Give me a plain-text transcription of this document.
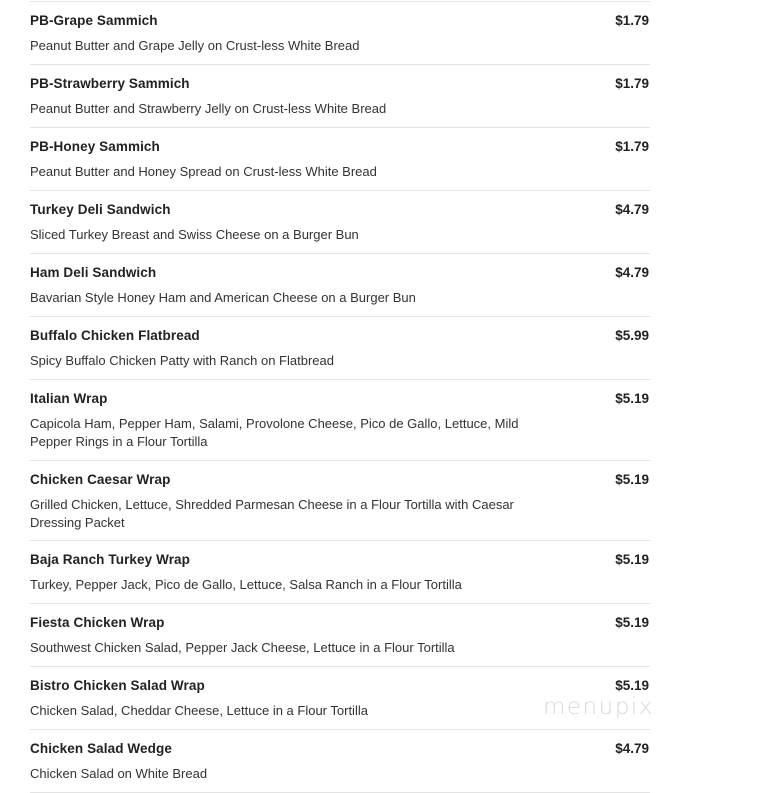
PB-Grape Sammich	$1.79
Peanut Butter and Grape Jelly on Crust-less White Bread
PB-Strawberry Sammich	$1.79
Peanut Butter and Strawberry Jelly on Crust-less White Bread
PB-Honey Sammich	$1.79
Peanut Butter and Honey Spread on Crust-less White Bread
Turkey Deli Sandwich	$4.79
Sliced Turkey Breast and Swiss Cheese on a Burger Bun
Ham Deli Sandwich	$4.79
Bavarian Style Honey Ham and American Cheese on a Burger Bun
Buffalo Chicken Flatbread	$5.99
Spicy Buffalo Chicken Patty with Ranch on Flatbread
Italian Wrap	$5.19
Capicola Ham, Pepper Ham, Salami, Provolone Cheese, Pico de Gallo, Lettuce, Mild Pepper Rings in a Flour Tortilla
Chicken Caesar Wrap	$5.19
Grilled Chicken, Lettuce, Shredded Parmesan Cheese in a Flour Tortilla with Caesar Dressing Packet
Baja Ranch Turkey Wrap	$5.19
Turkey, Pepper Jack, Pico de Gallo, Lettuce, Salsa Ranch in a Flour Tortilla
Fiesta Chicken Wrap	$5.19
Southwest Chicken Salad, Pepper Jack Cheese, Lettuce in a Flour Tortilla
Bistro Chicken Salad Wrap	$5.19
Chicken Salad, Cheddar Cheese, Lettuce in a Flour Tortilla
Chicken Salad Wedge	$4.79
Chicken Salad on White Bread
menupix
